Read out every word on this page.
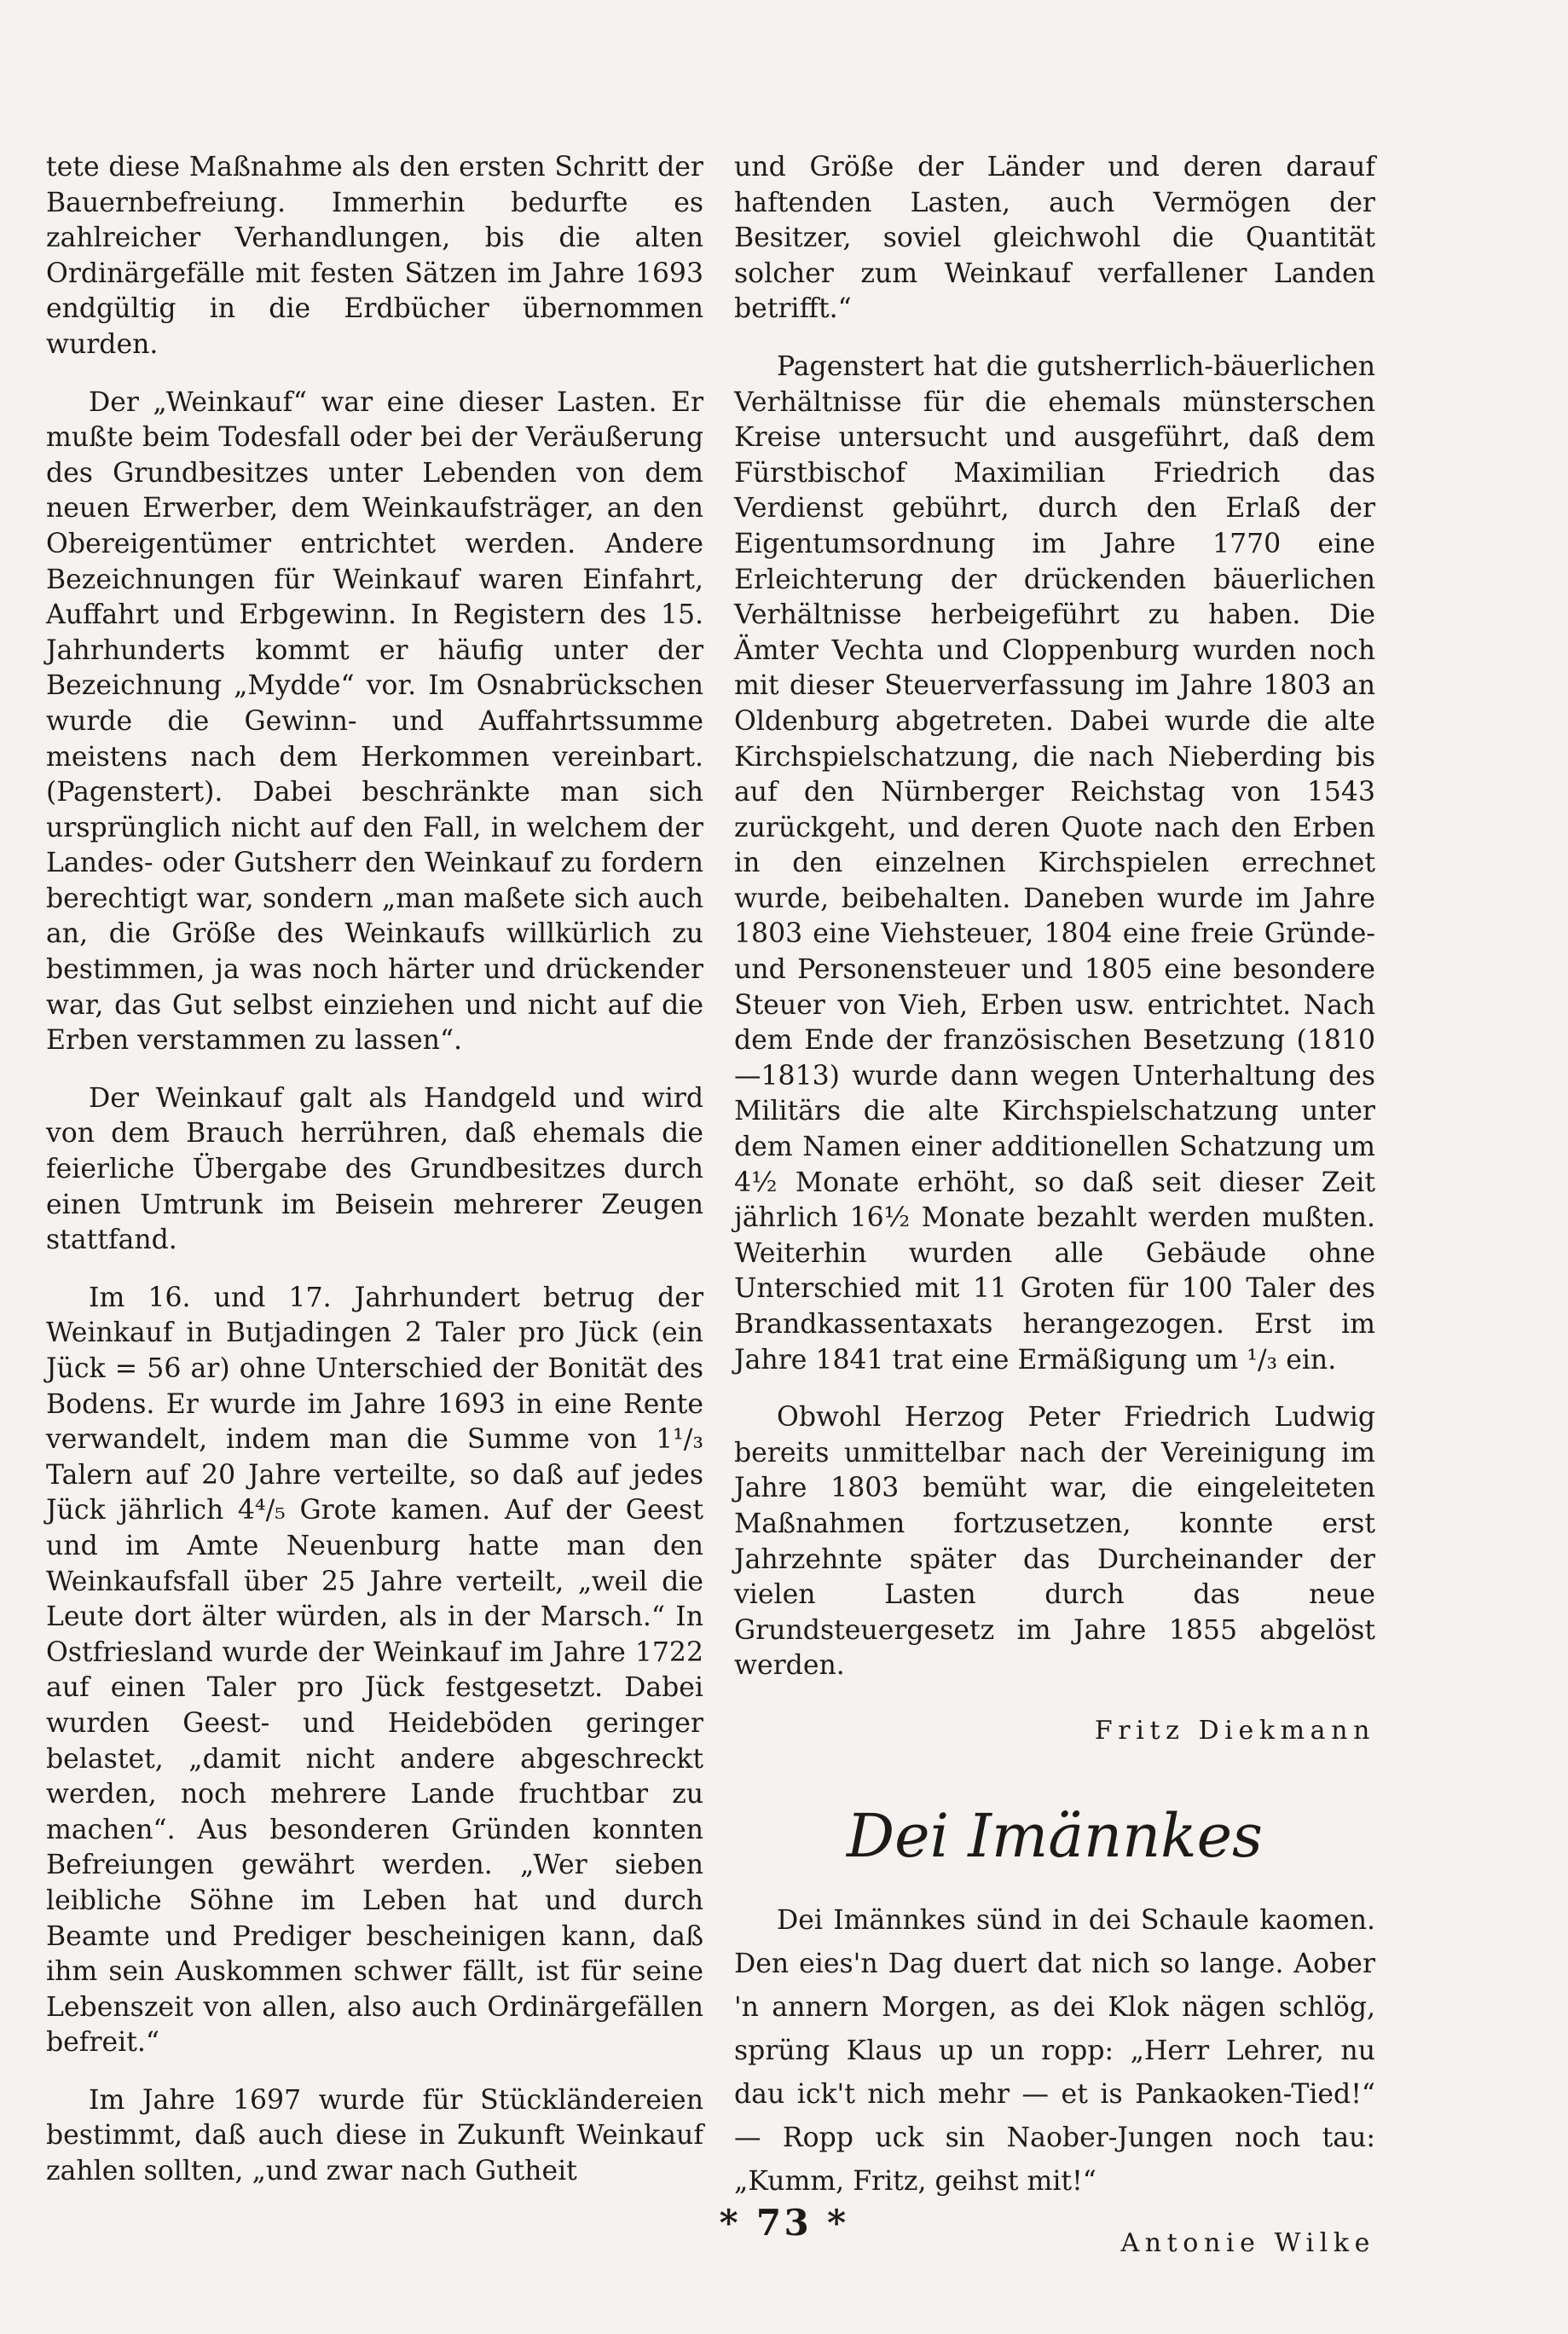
tete diese Maßnahme als den ersten Schritt der Bauernbefreiung. Immerhin bedurfte es zahlreicher Verhandlungen, bis die alten Ordinärgefälle mit festen Sätzen im Jahre 1693 endgültig in die Erdbücher übernommen wurden.

Der „Weinkauf“ war eine dieser Lasten. Er mußte beim Todesfall oder bei der Veräußerung des Grundbesitzes unter Lebenden von dem neuen Erwerber, dem Weinkaufsträger, an den Obereigentümer entrichtet werden. Andere Bezeichnungen für Weinkauf waren Einfahrt, Auffahrt und Erbgewinn. In Registern des 15. Jahrhunderts kommt er häufig unter der Bezeichnung „Mydde“ vor. Im Osnabrückschen wurde die Gewinn- und Auffahrtssumme meistens nach dem Herkommen vereinbart. (Pagenstert). Dabei beschränkte man sich ursprünglich nicht auf den Fall, in welchem der Landes- oder Gutsherr den Weinkauf zu fordern berechtigt war, sondern „man maßete sich auch an, die Größe des Weinkaufs willkürlich zu bestimmen, ja was noch härter und drückender war, das Gut selbst einziehen und nicht auf die Erben verstammen zu lassen“.

Der Weinkauf galt als Handgeld und wird von dem Brauch herrühren, daß ehemals die feierliche Übergabe des Grundbesitzes durch einen Umtrunk im Beisein mehrerer Zeugen stattfand.

Im 16. und 17. Jahrhundert betrug der Weinkauf in Butjadingen 2 Taler pro Jück (ein Jück = 56 ar) ohne Unterschied der Bonität des Bodens. Er wurde im Jahre 1693 in eine Rente verwandelt, indem man die Summe von 1¹/₃ Talern auf 20 Jahre verteilte, so daß auf jedes Jück jährlich 4⁴/₅ Grote kamen. Auf der Geest und im Amte Neuenburg hatte man den Weinkaufsfall über 25 Jahre verteilt, „weil die Leute dort älter würden, als in der Marsch.“ In Ostfriesland wurde der Weinkauf im Jahre 1722 auf einen Taler pro Jück festgesetzt. Dabei wurden Geest- und Heideböden geringer belastet, „damit nicht andere abgeschreckt werden, noch mehrere Lande fruchtbar zu machen“. Aus besonderen Gründen konnten Befreiungen gewährt werden. „Wer sieben leibliche Söhne im Leben hat und durch Beamte und Prediger bescheinigen kann, daß ihm sein Auskommen schwer fällt, ist für seine Lebenszeit von allen, also auch Ordinärgefällen befreit.“

Im Jahre 1697 wurde für Stückländereien bestimmt, daß auch diese in Zukunft Weinkauf zahlen sollten, „und zwar nach Gutheit

und Größe der Länder und deren darauf haftenden Lasten, auch Vermögen der Besitzer, soviel gleichwohl die Quantität solcher zum Weinkauf verfallener Landen betrifft.“

Pagenstert hat die gutsherrlich-bäuerlichen Verhältnisse für die ehemals münsterschen Kreise untersucht und ausgeführt, daß dem Fürstbischof Maximilian Friedrich das Verdienst gebührt, durch den Erlaß der Eigentumsordnung im Jahre 1770 eine Erleichterung der drückenden bäuerlichen Verhältnisse herbeigeführt zu haben. Die Ämter Vechta und Cloppenburg wurden noch mit dieser Steuerverfassung im Jahre 1803 an Oldenburg abgetreten. Dabei wurde die alte Kirchspielschatzung, die nach Nieberding bis auf den Nürnberger Reichstag von 1543 zurückgeht, und deren Quote nach den Erben in den einzelnen Kirchspielen errechnet wurde, beibehalten. Daneben wurde im Jahre 1803 eine Viehsteuer, 1804 eine freie Gründe- und Personensteuer und 1805 eine besondere Steuer von Vieh, Erben usw. entrichtet. Nach dem Ende der französischen Besetzung (1810—1813) wurde dann wegen Unterhaltung des Militärs die alte Kirchspielschatzung unter dem Namen einer additionellen Schatzung um 4½ Monate erhöht, so daß seit dieser Zeit jährlich 16½ Monate bezahlt werden mußten. Weiterhin wurden alle Gebäude ohne Unterschied mit 11 Groten für 100 Taler des Brandkassentaxats herangezogen. Erst im Jahre 1841 trat eine Ermäßigung um ¹/₃ ein.

Obwohl Herzog Peter Friedrich Ludwig bereits unmittelbar nach der Vereinigung im Jahre 1803 bemüht war, die eingeleiteten Maßnahmen fortzusetzen, konnte erst Jahrzehnte später das Durcheinander der vielen Lasten durch das neue Grundsteuergesetz im Jahre 1855 abgelöst werden.

Fritz Diekmann
Dei Imännkes

Dei Imännkes sünd in dei Schaule kaomen. Den eies'n Dag duert dat nich so lange. Aober 'n annern Morgen, as dei Klok nägen schlög, sprüng Klaus up un ropp: „Herr Lehrer, nu dau ick't nich mehr — et is Pankaoken-Tied!“ — Ropp uck sin Naober-Jungen noch tau: „Kumm, Fritz, geihst mit!“

Antonie Wilke
* 73 *
